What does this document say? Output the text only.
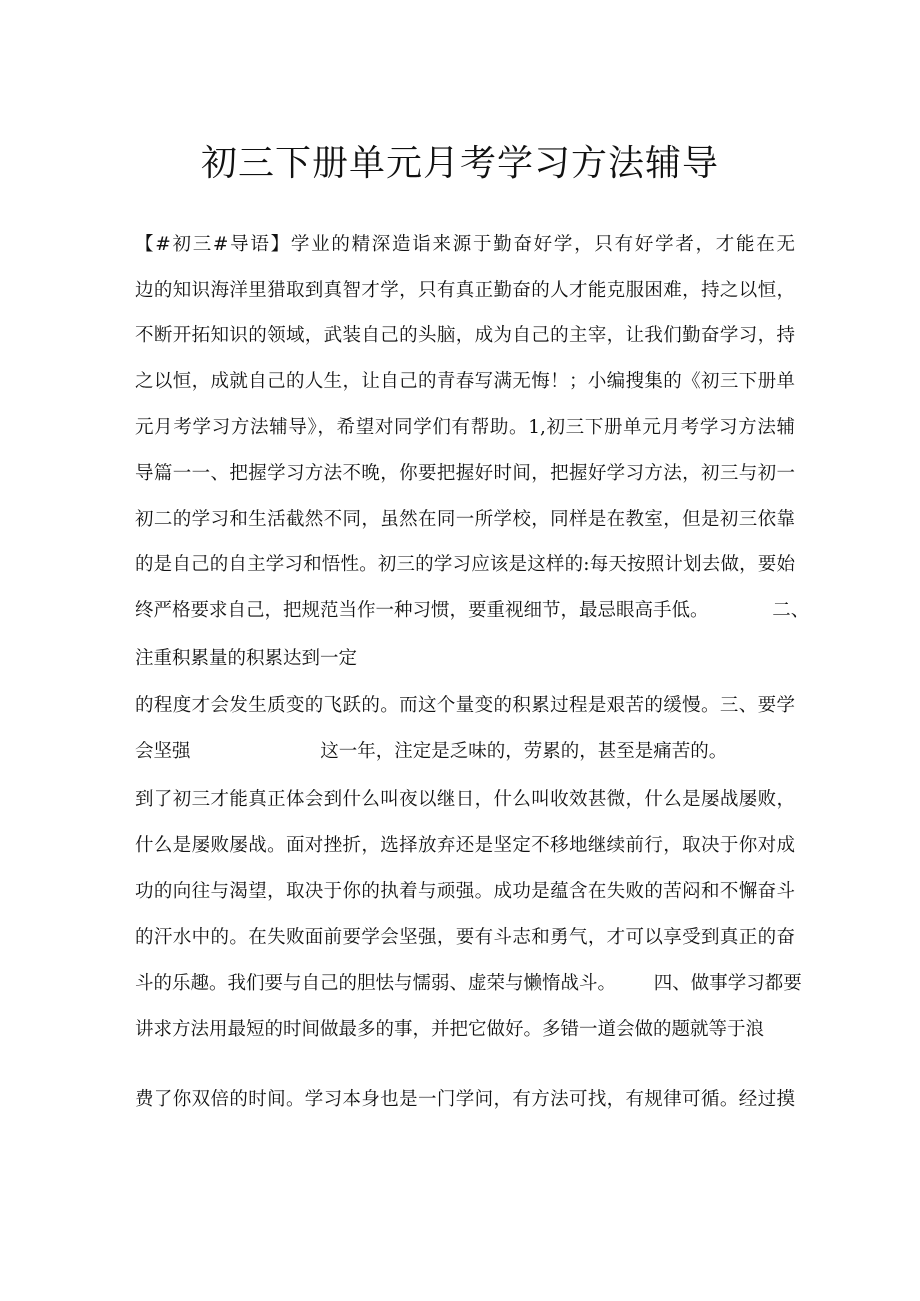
初三下册单元月考学习方法辅导
【#初三#导语】学业的精深造诣来源于勤奋好学，只有好学者，才能在无
边的知识海洋里猎取到真智才学，只有真正勤奋的人才能克服困难，持之以恒，
不断开拓知识的领域，武装自己的头脑，成为自己的主宰，让我们勤奋学习，持
之以恒，成就自己的人生，让自己的青春写满无悔！；小编搜集的《初三下册单
元月考学习方法辅导》，希望对同学们有帮助。1,初三下册单元月考学习方法辅
导篇一一、把握学习方法不晚，你要把握好时间，把握好学习方法，初三与初一
初二的学习和生活截然不同，虽然在同一所学校，同样是在教室，但是初三依靠
的是自己的自主学习和悟性。初三的学习应该是这样的:每天按照计划去做，要始
终严格要求自己，把规范当作一种习惯，要重视细节，最忌眼高手低。	二、
注重积累量的积累达到一定
的程度才会发生质变的飞跃的。而这个量变的积累过程是艰苦的缓慢。三、要学
会坚强	这一年，注定是乏味的，劳累的，甚至是痛苦的。
到了初三才能真正体会到什么叫夜以继日，什么叫收效甚微，什么是屡战屡败，
什么是屡败屡战。面对挫折，选择放弃还是坚定不移地继续前行，取决于你对成
功的向往与渴望，取决于你的执着与顽强。成功是蕴含在失败的苦闷和不懈奋斗
的汗水中的。在失败面前要学会坚强，要有斗志和勇气，才可以享受到真正的奋
斗的乐趣。我们要与自己的胆怯与懦弱、虚荣与懒惰战斗。 四、做事学习都要
讲求方法用最短的时间做最多的事，并把它做好。多错一道会做的题就等于浪
费了你双倍的时间。学习本身也是一门学问，有方法可找，有规律可循。经过摸
